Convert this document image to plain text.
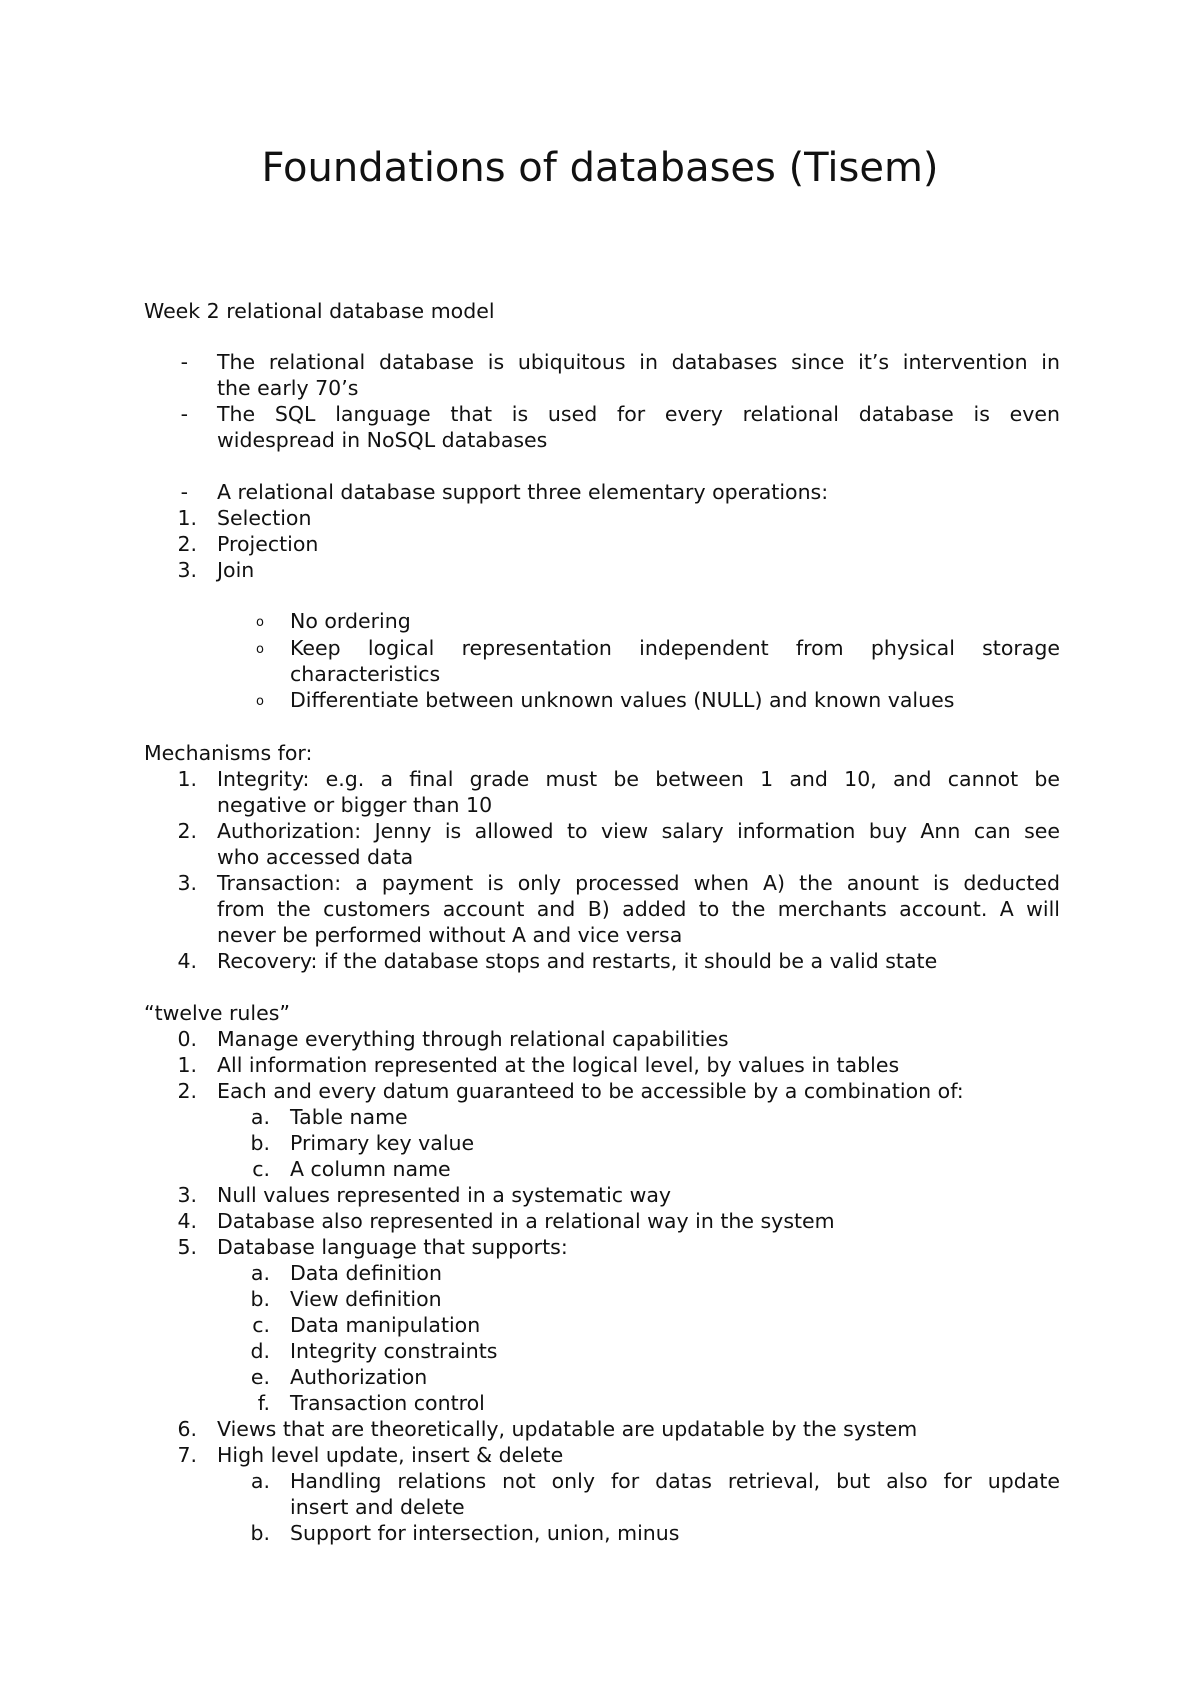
Foundations of databases (Tisem)

Week 2 relational database model

- The relational database is ubiquitous in databases since it’s intervention in

the early 70’s

- The SQL language that is used for every relational database is even

widespread in NoSQL databases

- A relational database support three elementary operations:

1. Selection

2. Projection

3. Join

o	No ordering

o	Keep logical representation independent from physical storage

characteristics

o	Differentiate between unknown values (NULL) and known values

Mechanisms for:

1. Integrity: e.g. a final grade must be between 1 and 10, and cannot be

negative or bigger than 10

2. Authorization: Jenny is allowed to view salary information buy Ann can see

who accessed data

3. Transaction: a payment is only processed when A) the anount is deducted

from the customers account and B) added to the merchants account. A will

never be performed without A and vice versa

4. Recovery: if the database stops and restarts, it should be a valid state

“twelve rules”

0. Manage everything through relational capabilities

1. All information represented at the logical level, by values in tables

2. Each and every datum guaranteed to be accessible by a combination of:

a. Table name

b. Primary key value

c. A column name

3. Null values represented in a systematic way

4. Database also represented in a relational way in the system

5. Database language that supports:

a. Data definition

b. View definition

c. Data manipulation

d. Integrity constraints

e. Authorization

f. Transaction control

6. Views that are theoretically, updatable are updatable by the system

7. High level update, insert & delete

a. Handling relations not only for datas retrieval, but also for update

insert and delete

b. Support for intersection, union, minus
